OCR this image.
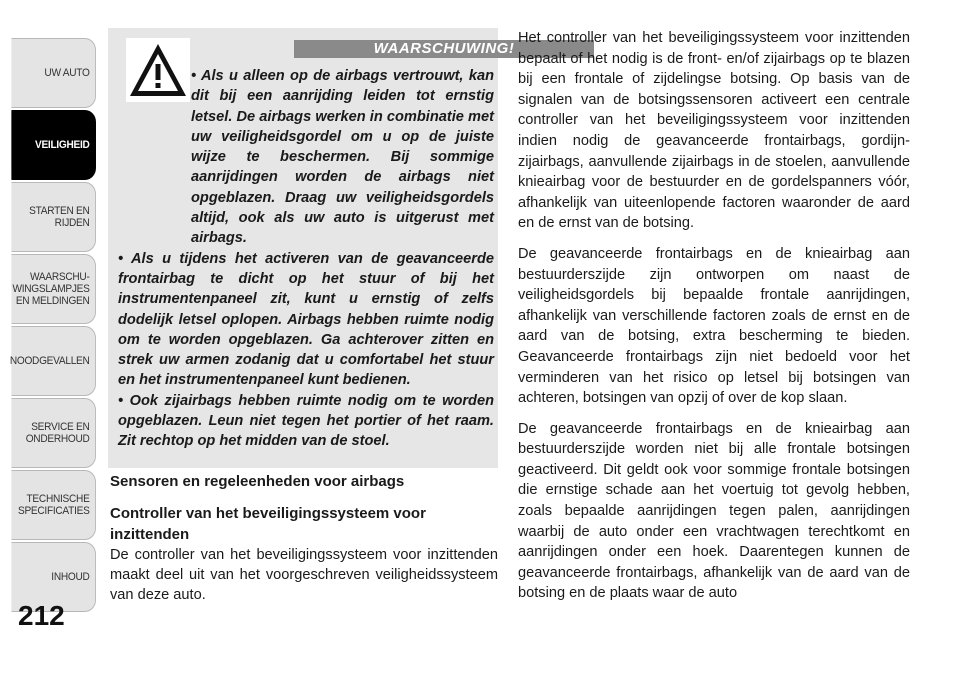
UW AUTO
VEILIGHEID
STARTEN EN
RIJDEN
WAARSCHU-
WINGSLAMPJES
EN MELDINGEN
NOODGEVALLEN
SERVICE EN
ONDERHOUD
TECHNISCHE
SPECIFICATIES
INHOUD
212
WAARSCHUWING!

• Als u alleen op de airbags vertrouwt, kan dit bij een aanrijding leiden tot ernstig letsel. De airbags werken in combinatie met uw veiligheidsgordel om u op de juiste wijze te beschermen. Bij sommige aanrijdingen worden de airbags niet opgeblazen. Draag uw veiligheidsgordels altijd, ook als uw auto is uitgerust met airbags.

• Als u tijdens het activeren van de geavanceerde frontairbag te dicht op het stuur of bij het instrumentenpaneel zit, kunt u ernstig of zelfs dodelijk letsel oplopen. Airbags hebben ruimte nodig om te worden opgeblazen. Ga achterover zitten en strek uw armen zodanig dat u comfortabel het stuur en het instrumentenpaneel kunt bedienen.

• Ook zijairbags hebben ruimte nodig om te worden opgeblazen. Leun niet tegen het portier of het raam. Zit rechtop op het midden van de stoel.

Sensoren en regeleenheden voor airbags
Controller van het beveiligingssysteem voor inzittenden

De controller van het beveiligingssysteem voor inzittenden maakt deel uit van het voorgeschreven veiligheidssysteem van deze auto.

Het controller van het beveiligingssysteem voor inzittenden bepaalt of het nodig is de front- en/of zijairbags op te blazen bij een frontale of zijdelingse botsing. Op basis van de signalen van de botsingssensoren activeert een centrale controller van het beveiligingssysteem voor inzittenden indien nodig de geavanceerde frontairbags, gordijn-zijairbags, aanvullende zijairbags in de stoelen, aanvullende knieairbag voor de bestuurder en de gordelspanners vóór, afhankelijk van uiteenlopende factoren waaronder de aard en de ernst van de botsing.

De geavanceerde frontairbags en de knieairbag aan bestuurderszijde zijn ontworpen om naast de veiligheidsgordels bij bepaalde frontale aanrijdingen, afhankelijk van verschillende factoren zoals de ernst en de aard van de botsing, extra bescherming te bieden. Geavanceerde frontairbags zijn niet bedoeld voor het verminderen van het risico op letsel bij botsingen van achteren, botsingen van opzij of over de kop slaan.

De geavanceerde frontairbags en de knieairbag aan bestuurderszijde worden niet bij alle frontale botsingen geactiveerd. Dit geldt ook voor sommige frontale botsingen die ernstige schade aan het voertuig tot gevolg hebben, zoals bepaalde aanrijdingen tegen palen, aanrijdingen waarbij de auto onder een vrachtwagen terechtkomt en aanrijdingen onder een hoek. Daarentegen kunnen de geavanceerde frontairbags, afhankelijk van de aard van de botsing en de plaats waar de auto
